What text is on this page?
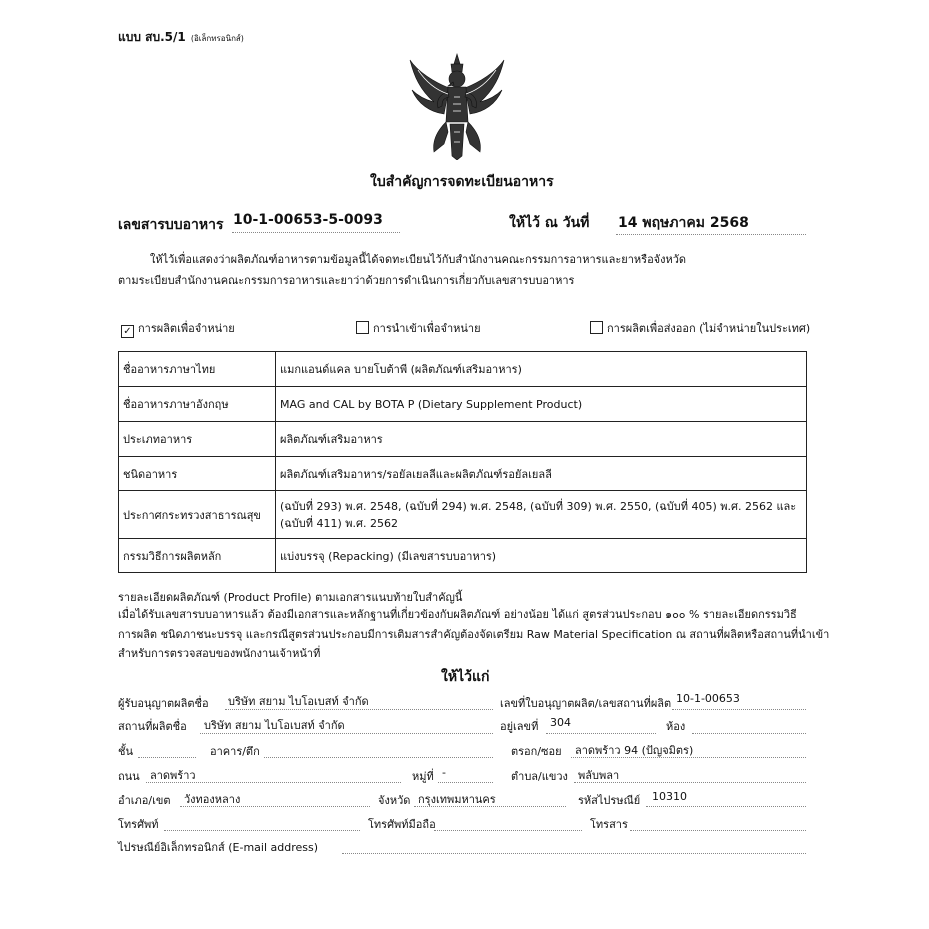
แบบ สบ.5/1 (อิเล็กทรอนิกส์)
ใบสำคัญการจดทะเบียนอาหาร
เลขสารบบอาหาร 10-1-00653-5-0093	ให้ไว้ ณ วันที่ 14 พฤษภาคม 2568
ให้ไว้เพื่อแสดงว่าผลิตภัณฑ์อาหารตามข้อมูลนี้ได้จดทะเบียนไว้กับสำนักงานคณะกรรมการอาหารและยาหรือจังหวัด
ตามระเบียบสำนักงานคณะกรรมการอาหารและยาว่าด้วยการดำเนินการเกี่ยวกับเลขสารบบอาหาร
✓ การผลิตเพื่อจำหน่าย	การนำเข้าเพื่อจำหน่าย	การผลิตเพื่อส่งออก (ไม่จำหน่ายในประเทศ)
ชื่ออาหารภาษาไทย	แมกแอนด์แคล บายโบต้าพี (ผลิตภัณฑ์เสริมอาหาร)
ชื่ออาหารภาษาอังกฤษ	MAG and CAL by BOTA P (Dietary Supplement Product)
ประเภทอาหาร	ผลิตภัณฑ์เสริมอาหาร
ชนิดอาหาร	ผลิตภัณฑ์เสริมอาหาร/รอยัลเยลลีและผลิตภัณฑ์รอยัลเยลลี
ประกาศกระทรวงสาธารณสุข	(ฉบับที่ 293) พ.ศ. 2548, (ฉบับที่ 294) พ.ศ. 2548, (ฉบับที่ 309) พ.ศ. 2550, (ฉบับที่ 405) พ.ศ. 2562 และ (ฉบับที่ 411) พ.ศ. 2562
กรรมวิธีการผลิตหลัก	แบ่งบรรจุ (Repacking) (มีเลขสารบบอาหาร)
รายละเอียดผลิตภัณฑ์ (Product Profile) ตามเอกสารแนบท้ายใบสำคัญนี้
เมื่อได้รับเลขสารบบอาหารแล้ว ต้องมีเอกสารและหลักฐานที่เกี่ยวข้องกับผลิตภัณฑ์ อย่างน้อย ได้แก่ สูตรส่วนประกอบ ๑๐๐ % รายละเอียดกรรมวิธี
การผลิต ชนิดภาชนะบรรจุ และกรณีสูตรส่วนประกอบมีการเติมสารสำคัญต้องจัดเตรียม Raw Material Specification ณ สถานที่ผลิตหรือสถานที่นำเข้า
สำหรับการตรวจสอบของพนักงานเจ้าหน้าที่
ให้ไว้แก่
ผู้รับอนุญาตผลิตชื่อ บริษัท สยาม ไบโอเบสท์ จำกัด	เลขที่ใบอนุญาตผลิต/เลขสถานที่ผลิต 10-1-00653
สถานที่ผลิตชื่อ บริษัท สยาม ไบโอเบสท์ จำกัด	อยู่เลขที่ 304	ห้อง
ชั้น	อาคาร/ตึก	ตรอก/ซอย ลาดพร้าว 94 (ปัญจมิตร)
ถนน ลาดพร้าว	หมู่ที่ -	ตำบล/แขวง พลับพลา
อำเภอ/เขต วังทองหลาง	จังหวัด กรุงเทพมหานคร	รหัสไปรษณีย์ 10310
โทรศัพท์	โทรศัพท์มือถือ	โทรสาร
ไปรษณีย์อิเล็กทรอนิกส์ (E-mail address)
